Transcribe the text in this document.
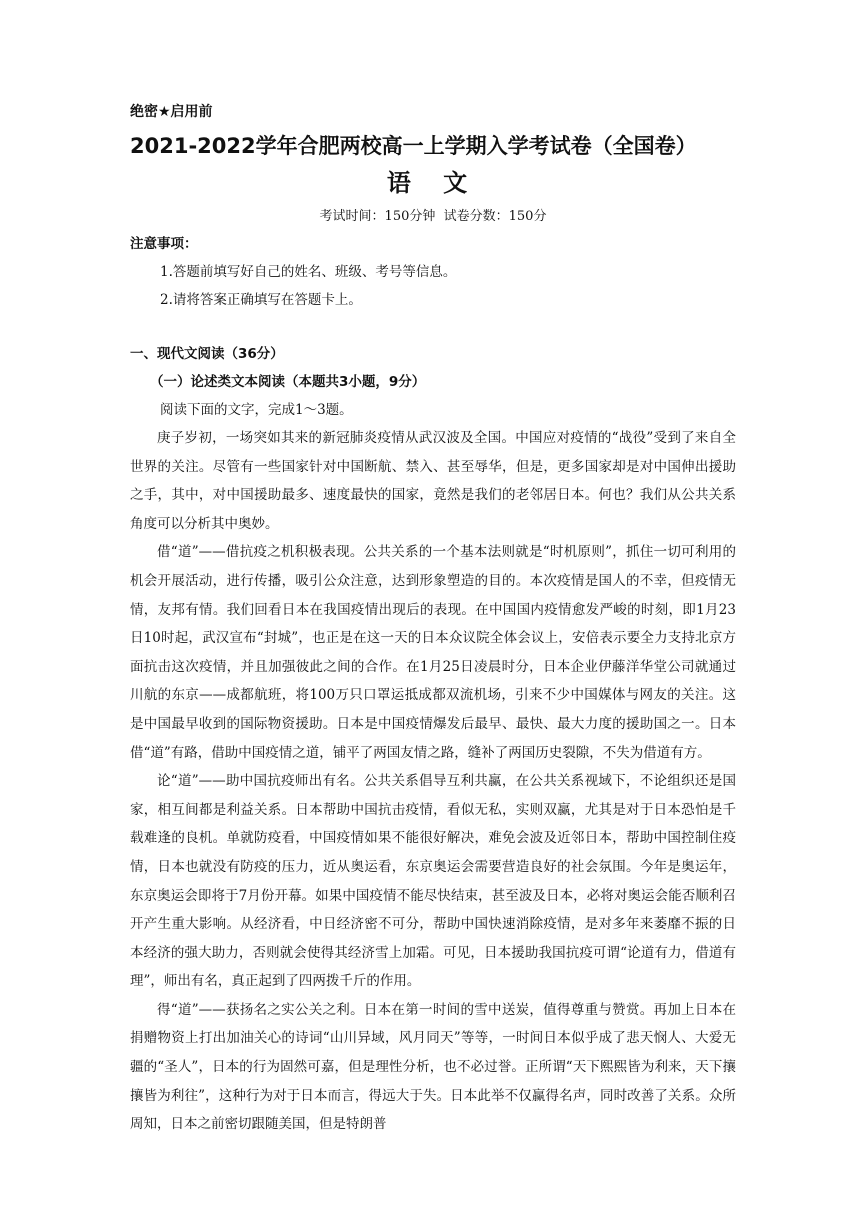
绝密★启用前

2021-2022学年合肥两校高一上学期入学考试卷（全国卷）
语 文

考试时间：150分钟  试卷分数：150分

注意事项：

1.答题前填写好自己的姓名、班级、考号等信息。

2.请将答案正确填写在答题卡上。

一、现代文阅读（36分）

（一）论述类文本阅读（本题共3小题，9分）

阅读下面的文字，完成1～3题。

庚子岁初，一场突如其来的新冠肺炎疫情从武汉波及全国。中国应对疫情的“战役”受到了来自全世界的关注。尽管有一些国家针对中国断航、禁入、甚至辱华，但是，更多国家却是对中国伸出援助之手，其中，对中国援助最多、速度最快的国家，竟然是我们的老邻居日本。何也？我们从公共关系角度可以分析其中奥妙。

借“道”——借抗疫之机积极表现。公共关系的一个基本法则就是“时机原则”，抓住一切可利用的机会开展活动，进行传播，吸引公众注意，达到形象塑造的目的。本次疫情是国人的不幸，但疫情无情，友邦有情。我们回看日本在我国疫情出现后的表现。在中国国内疫情愈发严峻的时刻，即1月23日10时起，武汉宣布“封城”，也正是在这一天的日本众议院全体会议上，安倍表示要全力支持北京方面抗击这次疫情，并且加强彼此之间的合作。在1月25日凌晨时分，日本企业伊藤洋华堂公司就通过川航的东京——成都航班，将100万只口罩运抵成都双流机场，引来不少中国媒体与网友的关注。这是中国最早收到的国际物资援助。日本是中国疫情爆发后最早、最快、最大力度的援助国之一。日本借“道”有路，借助中国疫情之道，铺平了两国友情之路，缝补了两国历史裂隙，不失为借道有方。

论“道”——助中国抗疫师出有名。公共关系倡导互利共赢，在公共关系视域下，不论组织还是国家，相互间都是利益关系。日本帮助中国抗击疫情，看似无私，实则双赢，尤其是对于日本恐怕是千载难逢的良机。单就防疫看，中国疫情如果不能很好解决，难免会波及近邻日本，帮助中国控制住疫情，日本也就没有防疫的压力，近从奥运看，东京奥运会需要营造良好的社会氛围。今年是奥运年，东京奥运会即将于7月份开幕。如果中国疫情不能尽快结束，甚至波及日本，必将对奥运会能否顺利召开产生重大影响。从经济看，中日经济密不可分，帮助中国快速消除疫情，是对多年来萎靡不振的日本经济的强大助力，否则就会使得其经济雪上加霜。可见，日本援助我国抗疫可谓“论道有力，借道有理”，师出有名，真正起到了四两拨千斤的作用。

得“道”——获扬名之实公关之利。日本在第一时间的雪中送炭，值得尊重与赞赏。再加上日本在捐赠物资上打出加油关心的诗词“山川异域，风月同天”等等，一时间日本似乎成了悲天悯人、大爱无疆的“圣人”，日本的行为固然可嘉，但是理性分析，也不必过誉。正所谓“天下熙熙皆为利来，天下攘攘皆为利往”，这种行为对于日本而言，得远大于失。日本此举不仅赢得名声，同时改善了关系。众所周知，日本之前密切跟随美国，但是特朗普
